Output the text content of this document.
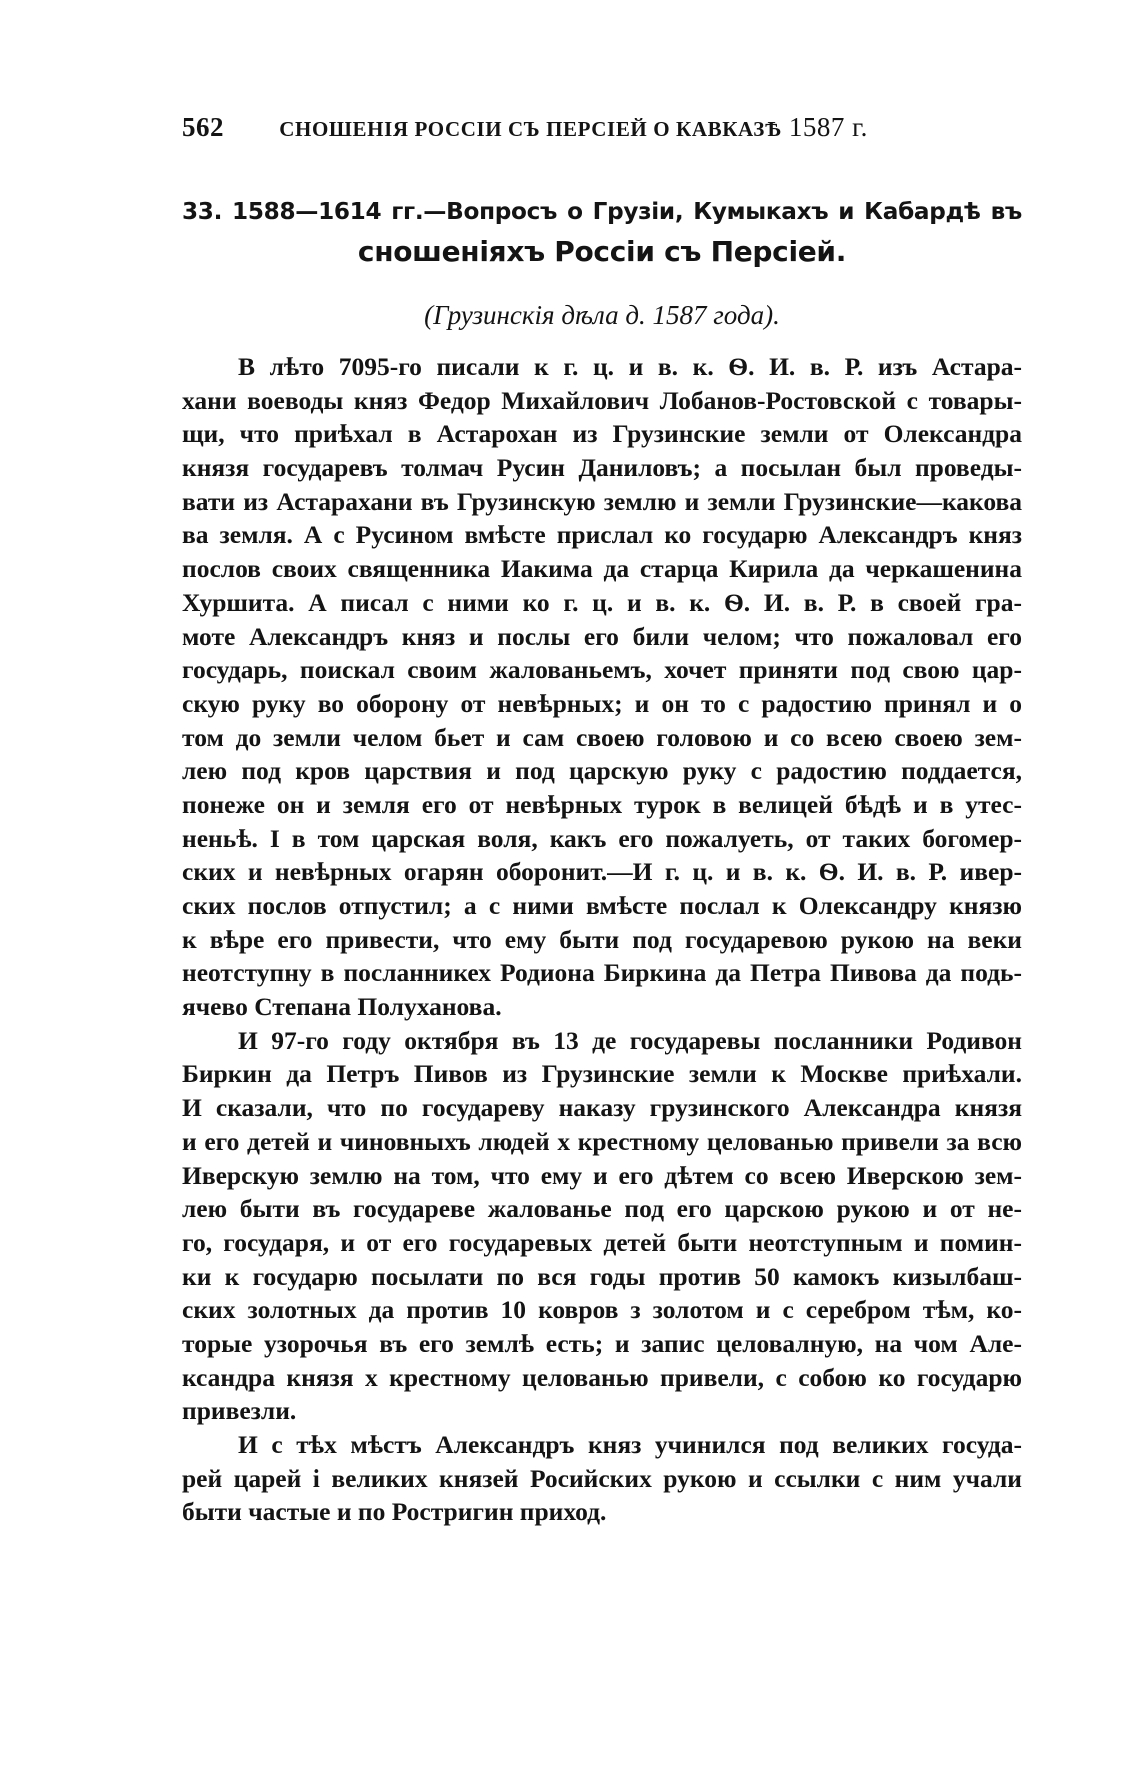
562	СНОШЕНІЯ РОССІИ СЪ ПЕРСІЕЙ О КАВКАЗѢ 1587 г.
33. 1588—1614 гг.—Вопросъ о Грузіи, Кумыкахъ и Кабардѣ въ
сношеніяхъ Россіи съ Персіей.
(Грузинскія дѣла д. 1587 года).
В лѣто 7095-го писали к г. ц. и в. к. Ѳ. И. в. Р. изъ Астара-
хани воеводы княз Федор Михайлович Лобанов-Ростовской с товары-
щи, что приѣхал в Астарохан из Грузинские земли от Олександра
князя государевъ толмач Русин Даниловъ; а посылан был проведы-
вати из Астарахани въ Грузинскую землю и земли Грузинские—какова
ва земля. А с Русином вмѣсте прислал ко государю Александръ княз
послов своих священника Иакима да старца Кирила да черкашенина
Хуршита. А писал с ними ко г. ц. и в. к. Ѳ. И. в. Р. в своей гра-
моте Александръ княз и послы его били челом; что пожаловал его
государь, поискал своим жалованьемъ, хочет приняти под свою цар-
скую руку во оборону от невѣрных; и он то с радостию принял и о
том до земли челом бьет и сам своею головою и со всею своею зем-
лею под кров царствия и под царскую руку с радостию поддается,
понеже он и земля его от невѣрных турок в велицей бѣдѣ и в утес-
неньѣ. І в том царская воля, какъ его пожалуеть, от таких богомер-
ских и невѣрных огарян оборонит.—И г. ц. и в. к. Ѳ. И. в. Р. ивер-
ских послов отпустил; а с ними вмѣсте послал к Олександру князю
к вѣре его привести, что ему быти под государевою рукою на веки
неотступну в посланникех Родиона Биркина да Петра Пивова да подь-
ячево Степана Полуханова.
И 97-го году октября въ 13 де государевы посланники Родивон
Биркин да Петръ Пивов из Грузинские земли к Москве приѣхали.
И сказали, что по государеву наказу грузинского Александра князя
и его детей и чиновныхъ людей х крестному целованью привели за всю
Иверскую землю на том, что ему и его дѣтем со всею Иверскою зем-
лею быти въ государеве жалованье под его царскою рукою и от не-
го, государя, и от его государевых детей быти неотступным и помин-
ки к государю посылати по вся годы против 50 камокъ кизылбаш-
ских золотных да против 10 ковров з золотом и с серебром тѣм, ко-
торые узорочья въ его землѣ есть; и запис целовалную, на чом Але-
ксандра князя х крестному целованью привели, с собою ко государю
привезли.
И с тѣх мѣстъ Александръ княз учинился под великих госуда-
рей царей і великих князей Росийских рукою и ссылки с ним учали
быти частые и по Ростригин приход.
